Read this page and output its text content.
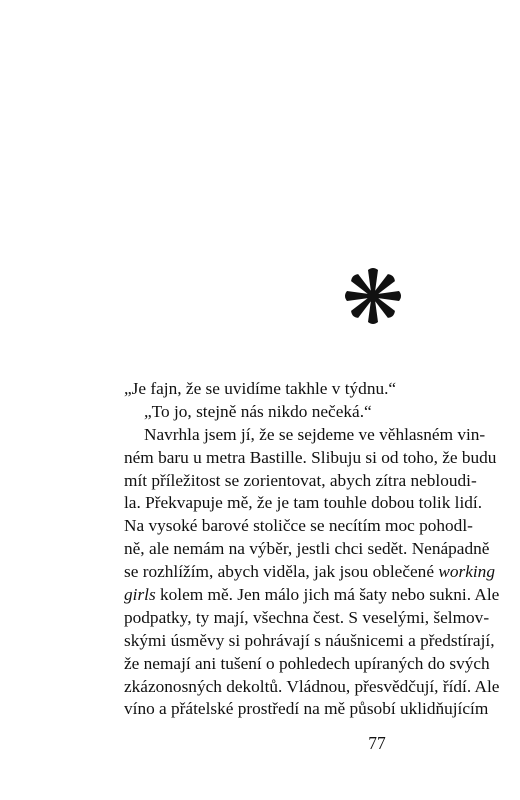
„Je fajn, že se uvidíme takhle v týdnu.“
„To jo, stejně nás nikdo nečeká.“
Navrhla jsem jí, že se sejdeme ve věhlasném vin-
ném baru u metra Bastille. Slibuju si od toho, že budu
mít příležitost se zorientovat, abych zítra nebloudi-
la. Překvapuje mě, že je tam touhle dobou tolik lidí.
Na vysoké barové stoličce se necítím moc pohodl-
ně, ale nemám na výběr, jestli chci sedět. Nenápadně
se rozhlížím, abych viděla, jak jsou oblečené working
girls kolem mě. Jen málo jich má šaty nebo sukni. Ale
podpatky, ty mají, všechna čest. S veselými, šelmov-
skými úsměvy si pohrávají s náušnicemi a předstírají,
že nemají ani tušení o pohledech upíraných do svých
zkázonosných dekoltů. Vládnou, přesvědčují, řídí. Ale
víno a přátelské prostředí na mě působí uklidňujícím
77
